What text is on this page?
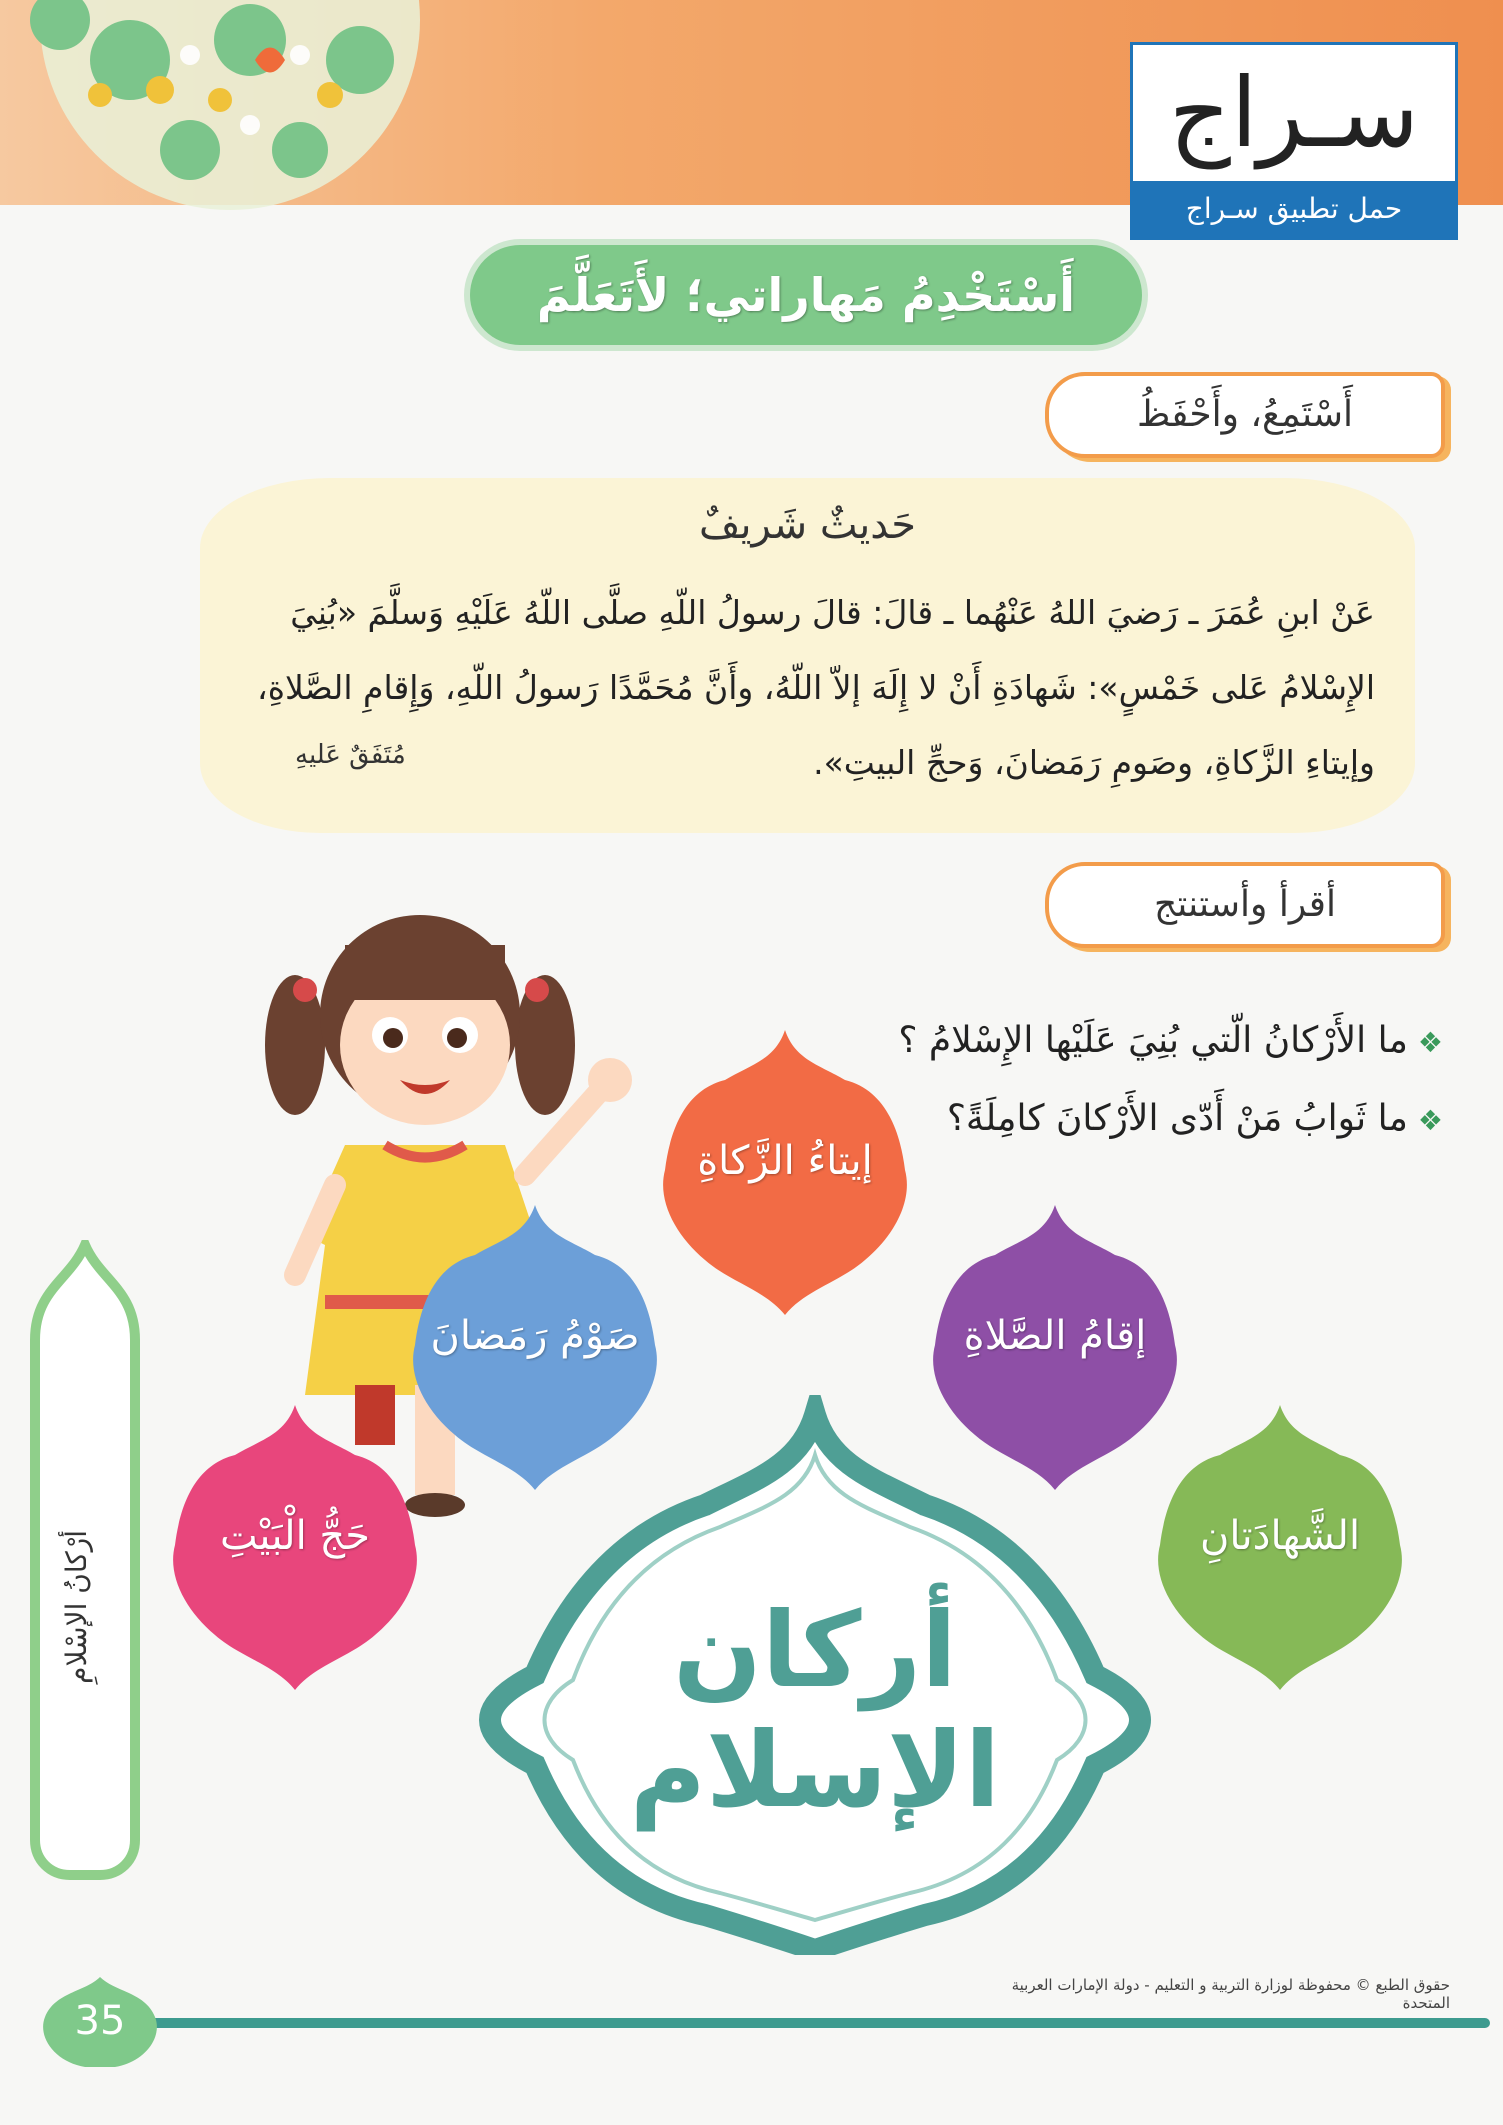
سـراج
حمل تطبيق سـراج
أَسْتَخْدِمُ مَهاراتي؛ لأَتَعَلَّمَ
أَسْتَمِعُ، وأَحْفَظُ
حَديثٌ شَريفٌ
عَنْ ابنِ عُمَرَ ـ رَضيَ اللهُ عَنْهُما ـ قالَ: قالَ رسولُ اللّهِ صلَّى اللّهُ عَلَيْهِ وَسلَّمَ «بُنِيَ
الإِسْلامُ عَلى خَمْسٍ»: شَهادَةِ أَنْ لا إِلَهَ إلاّ اللّهُ، وأَنَّ مُحَمَّدًا رَسولُ اللّهِ، وَإِقامِ الصَّلاةِ،
وإيتاءِ الزَّكاةِ، وصَومِ رَمَضانَ، وَحجِّ البيتِ».
مُتَفَقٌ عَليهِ
أقرأ وأستنتج
❖ما الأَرْكانُ الّتي بُنِيَ عَلَيْها الإِسْلامُ ؟
❖ما ثَوابُ مَنْ أَدّى الأَرْكانَ كامِلَةً؟
إيتاءُ الزَّكاةِ
صَوْمُ رَمَضانَ	إقامُ الصَّلاةِ
حَجُّ الْبَيْتِ	الشَّهادَتانِ
أركان الإسلام
أرْكانُ الإسْلامِ
حقوق الطبع © محفوظة لوزارة التربية و التعليم - دولة الإمارات العربية المتحدة
35
